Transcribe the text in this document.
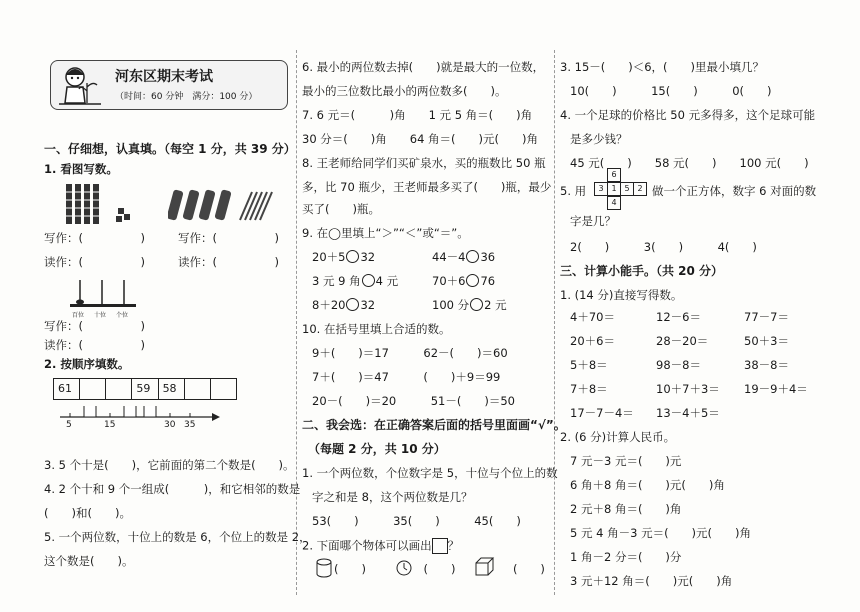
河东区期末考试
（时间：60 分钟　满分：100 分）
一、仔细想，认真填。（每空 1 分，共 39 分）
1. 看图写数。
写作：(　　　　　)	写作：(　　　　　)
读作：(　　　　　)	读作：(　　　　　)
百位 十位 个位
写作：(　　　　　)
读作：(　　　　　)
2. 按顺序填数。
61	59	58
5	15	30 35
3. 5 个十是(　　)，它前面的第二个数是(　　)。
4. 2 个十和 9 个一组成(　　　)，和它相邻的数是
(　　)和(　　)。
5. 一个两位数，十位上的数是 6，个位上的数是 2，
这个数是(　　)。
6. 最小的两位数去掉(　　)就是最大的一位数，
最小的三位数比最小的两位数多(　　)。
7. 6 元＝(　　　)角　　1 元 5 角＝(　　)角
30 分＝(　　)角　　64 角＝(　　)元(　　)角
8. 王老师给同学们买矿泉水，买的瓶数比 50 瓶
多，比 70 瓶少，王老师最多买了(　　)瓶，最少
买了(　　)瓶。
9. 在◯里填上“＞”“＜”或“＝”。
20＋5 32	44－4 36
3 元 9 角 4 元	70＋6 76
8＋20 32	100 分 2 元
10. 在括号里填上合适的数。
9＋(　　)＝17　　　62－(　　)＝60
7＋(　　)＝47　　　(　　)＋9＝99
20－(　　)＝20　　　51－(　　)＝50
二、我会选：在正确答案后面的括号里面画“√”。
（每题 2 分，共 10 分）
1. 一个两位数，个位数字是 5，十位与个位上的数
字之和是 8，这个两位数是几？
53(　　)　　　35(　　)　　　45(　　)
2. 下面哪个物体可以画出 ？
(　　)　　　　　(　　)　　　　　(　　)
3. 15－(　　)＜6，(　　)里最小填几？
10(　　)　　　15(　　)　　　0(　　)
4. 一个足球的价格比 50 元多得多，这个足球可能
是多少钱？
45 元(　　)　　58 元(　　)　　100 元(　　)
5. 用
6
3 1 5 2
4
做一个正方体，数字 6 对面的数
字是几？
2(　　)　　　3(　　)　　　4(　　)
三、计算小能手。（共 20 分）
1. (14 分)直接写得数。
4＋70＝	12－6＝	77－7＝
20＋6＝	28－20＝	50＋3＝
5＋8＝	98－8＝	38－8＝
7＋8＝	10＋7＋3＝ 19－9＋4＝
17－7－4＝ 13－4＋5＝
2. (6 分)计算人民币。
7 元－3 元＝(　　)元
6 角＋8 角＝(　　)元(　　)角
2 元＋8 角＝(　　)角
5 元 4 角－3 元＝(　　)元(　　)角
1 角－2 分＝(　　)分
3 元＋12 角＝(　　)元(　　)角
